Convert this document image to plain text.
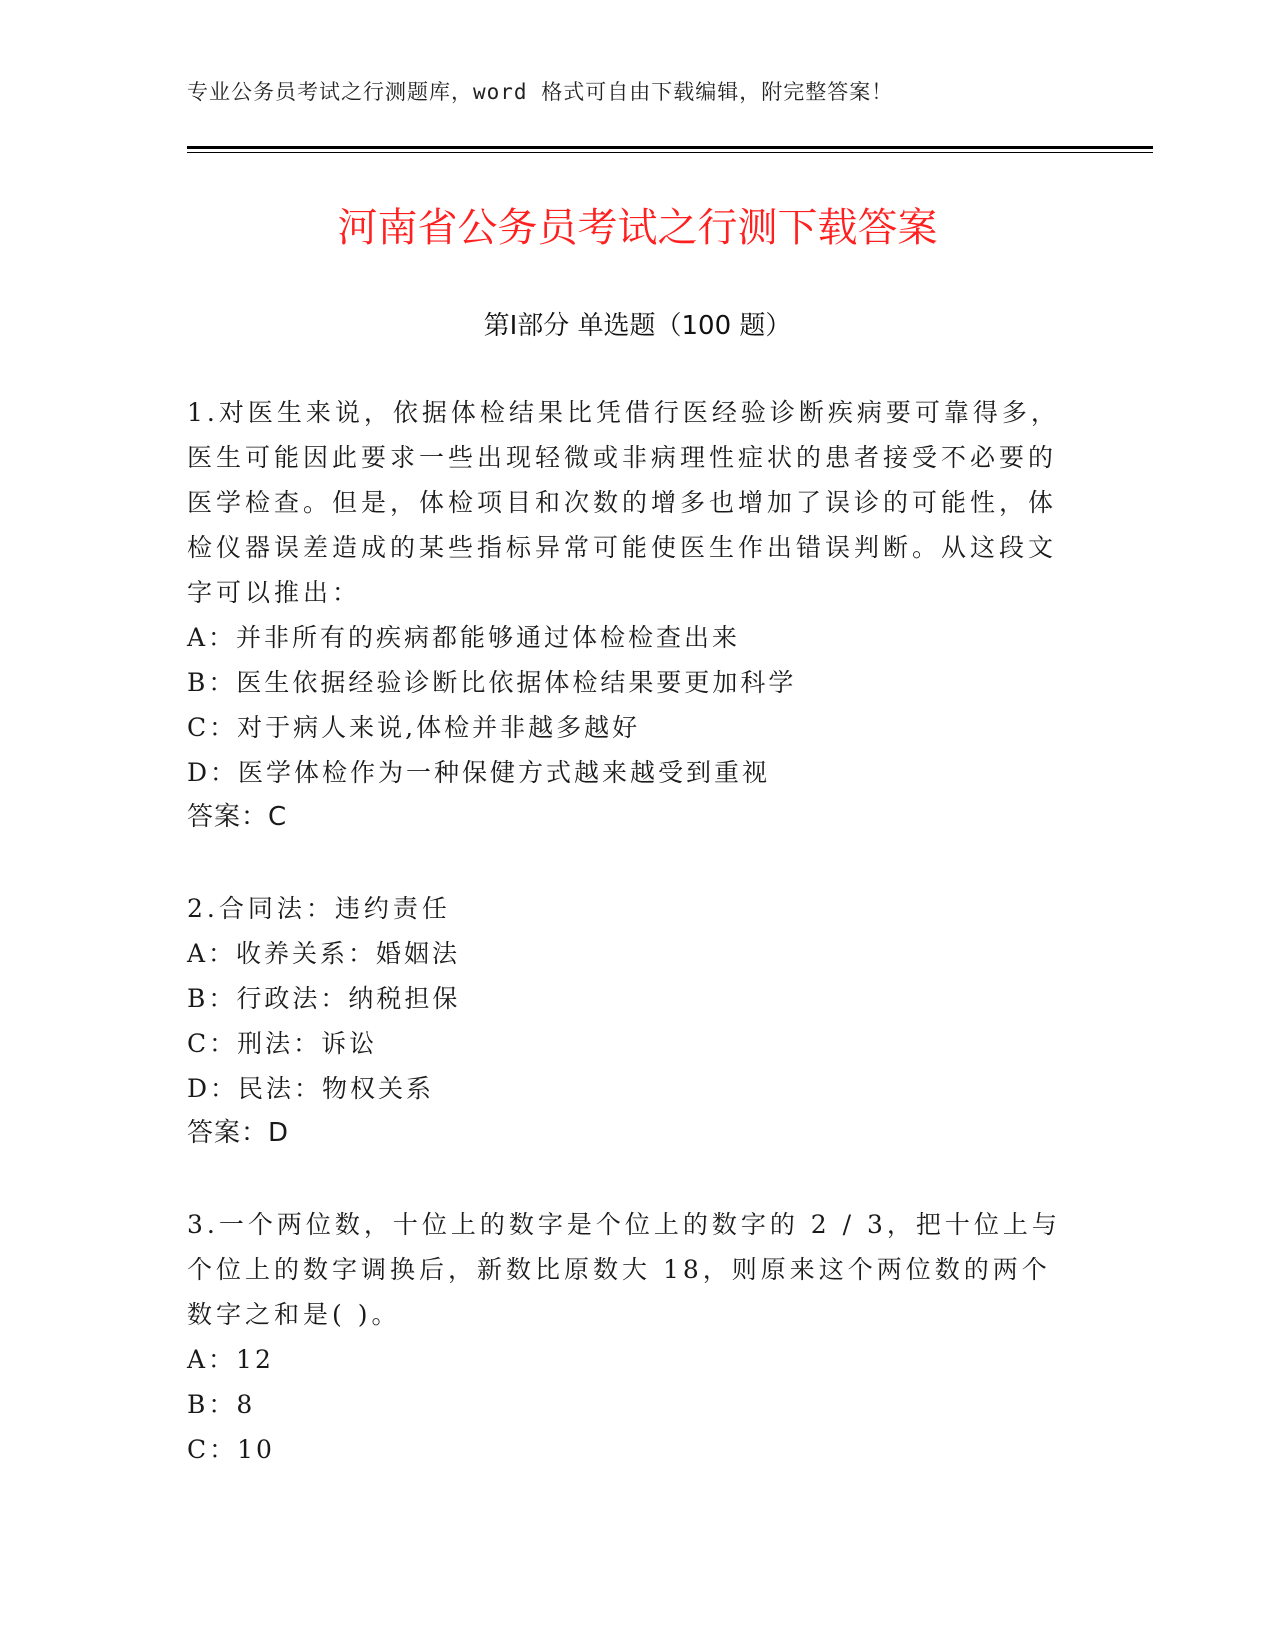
专业公务员考试之行测题库，word 格式可自由下载编辑，附完整答案！
河南省公务员考试之行测下载答案
第Ⅰ部分 单选题（100 题）

1.对医生来说，依据体检结果比凭借行医经验诊断疾病要可靠得多，医生可能因此要求一些出现轻微或非病理性症状的患者接受不必要的医学检查。但是，体检项目和次数的增多也增加了误诊的可能性，体检仪器误差造成的某些指标异常可能使医生作出错误判断。从这段文字可以推出：

A：并非所有的疾病都能够通过体检检查出来

B：医生依据经验诊断比依据体检结果要更加科学

C：对于病人来说,体检并非越多越好

D：医学体检作为一种保健方式越来越受到重视

答案：C

2.合同法：违约责任

A：收养关系：婚姻法

B：行政法：纳税担保

C：刑法：诉讼

D：民法：物权关系

答案：D

3.一个两位数，十位上的数字是个位上的数字的 2 / 3，把十位上与个位上的数字调换后，新数比原数大 18，则原来这个两位数的两个数字之和是( )。

A：12

B：8

C：10
